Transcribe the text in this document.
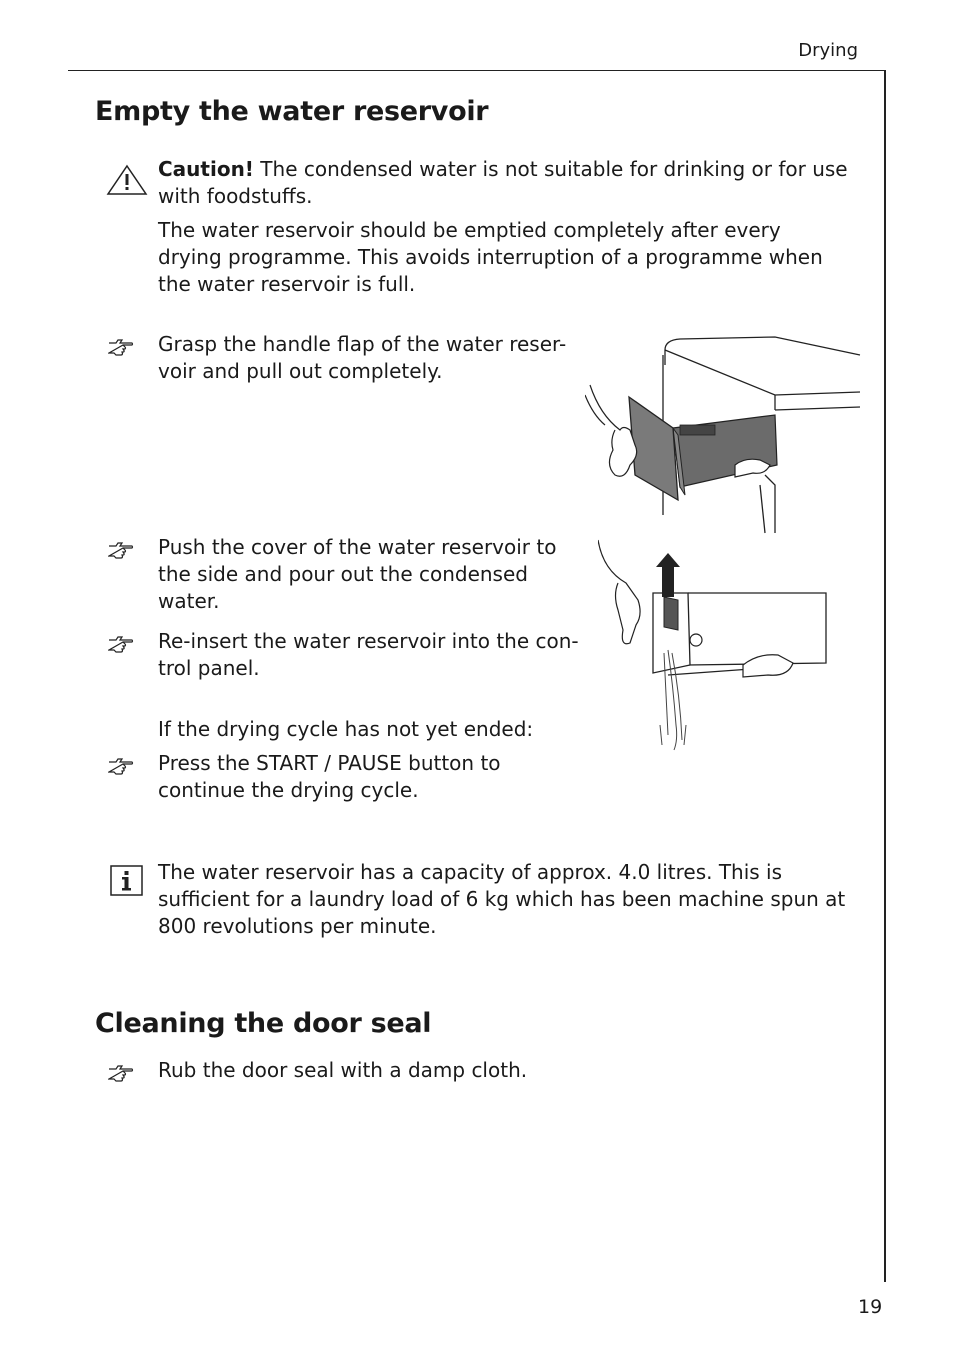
Drying
19
Empty the water reservoir

Caution! The condensed water is not suitable for drinking or for use with foodstuffs.

The water reservoir should be emptied completely after every drying programme. This avoids interruption of a programme when the water reservoir is full.

Grasp the handle flap of the water reser-voir and pull out completely.

Push the cover of the water reservoir to the side and pour out the condensed water.

Re-insert the water reservoir into the con-trol panel.

If the drying cycle has not yet ended:

Press the START / PAUSE button to continue the drying cycle.

The water reservoir has a capacity of approx. 4.0 litres. This is sufficient for a laundry load of 6 kg which has been machine spun at 800 revolutions per minute.

Cleaning the door seal

Rub the door seal with a damp cloth.
